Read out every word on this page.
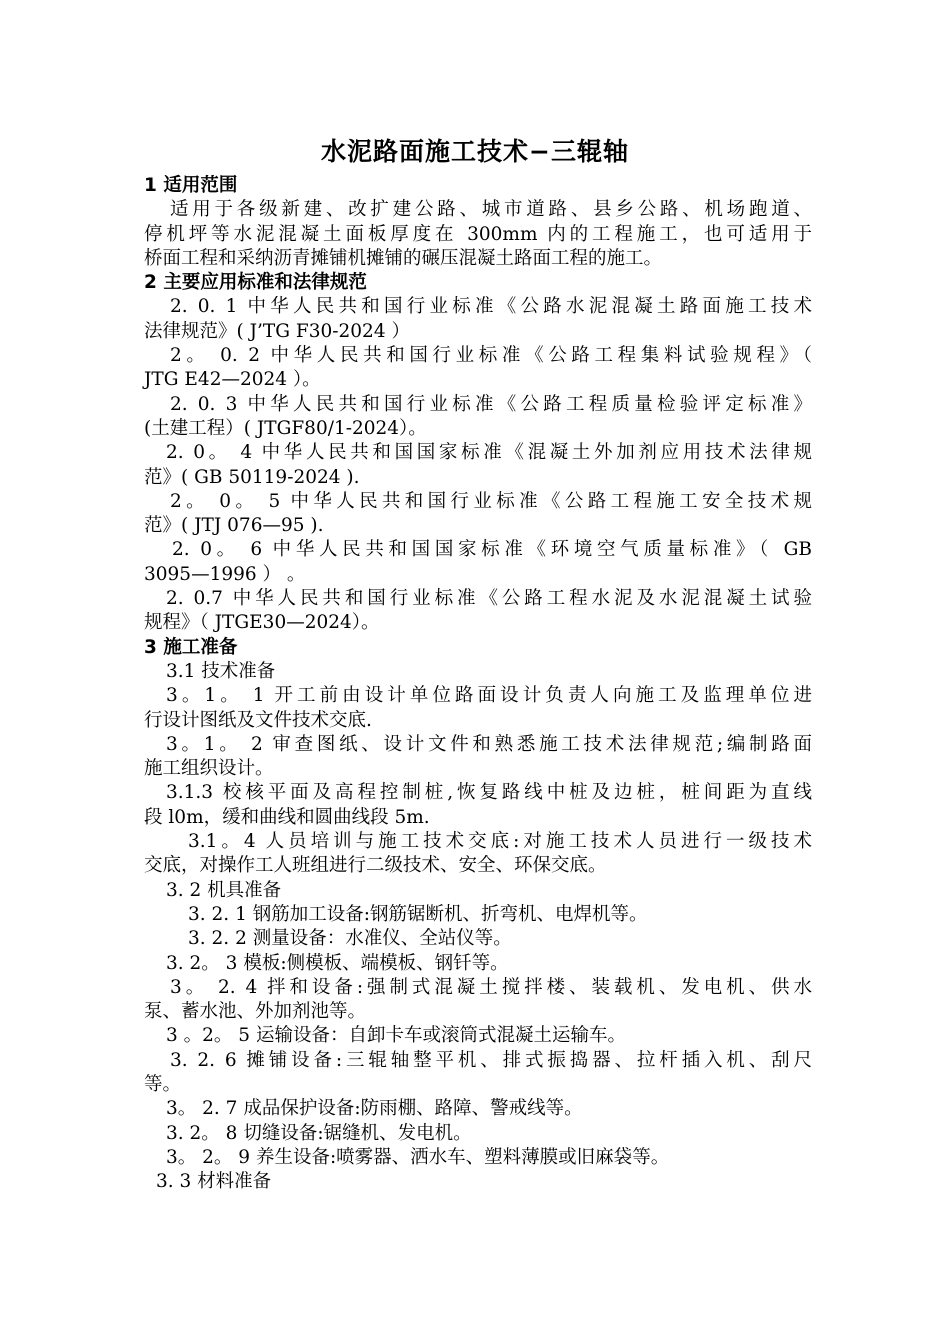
水泥路面施工技术−三辊轴
1 适用范围
适用于各级新建、改扩建公路、城市道路、县乡公路、机场跑道、
停机坪等水泥混凝土面板厚度在 300mm 内的工程施工，也可适用于
桥面工程和采纳沥青摊铺机摊铺的碾压混凝土路面工程的施工。
2 主要应用标准和法律规范
2. 0. 1 中华人民共和国行业标准《公路水泥混凝土路面施工技术
法律规范》( J’TG F30-2024 ）
2。 0. 2 中华人民共和国行业标准《公路工程集料试验规程》（
JTG E42—2024 ）。
2. 0. 3 中华人民共和国行业标准《公路工程质量检验评定标准》
(土建工程）( JTGF80/1-2024）。
2. 0。 4 中华人民共和国国家标准《混凝土外加剂应用技术法律规
范》( GB 50119-2024 ).
2。 0。 5 中华人民共和国行业标准《公路工程施工安全技术规
范》( JTJ 076—95 ).
2. 0。 6 中华人民共和国国家标准《环境空气质量标准》（ GB
3095—1996 ） 。
2. 0.7 中华人民共和国行业标准《公路工程水泥及水泥混凝土试验
规程》（ JTGE30—2024）。
3 施工准备
3.1 技术准备
3。1。 1 开工前由设计单位路面设计负责人向施工及监理单位进
行设计图纸及文件技术交底.
3。1。 2 审查图纸、设计文件和熟悉施工技术法律规范;编制路面
施工组织设计。
3.1.3 校核平面及高程控制桩,恢复路线中桩及边桩，桩间距为直线
段 l0m，缓和曲线和圆曲线段 5m.
3.1。4 人员培训与施工技术交底:对施工技术人员进行一级技术
交底，对操作工人班组进行二级技术、安全、环保交底。
3. 2 机具准备
3. 2. 1 钢筋加工设备:钢筋锯断机、折弯机、电焊机等。
3. 2. 2 测量设备：水准仪、全站仪等。
3. 2。 3 模板:侧模板、端模板、钢钎等。
3。 2. 4 拌和设备:强制式混凝土搅拌楼、装载机、发电机、供水
泵、蓄水池、外加剂池等。
3 。2。 5 运输设备：自卸卡车或滚筒式混凝土运输车。
3. 2. 6 摊铺设备:三辊轴整平机、排式振捣器、拉杆插入机、刮尺
等。
3。 2. 7 成品保护设备:防雨棚、路障、警戒线等。
3. 2。 8 切缝设备:锯缝机、发电机。
3。 2。 9 养生设备:喷雾器、洒水车、塑料薄膜或旧麻袋等。
3. 3 材料准备
